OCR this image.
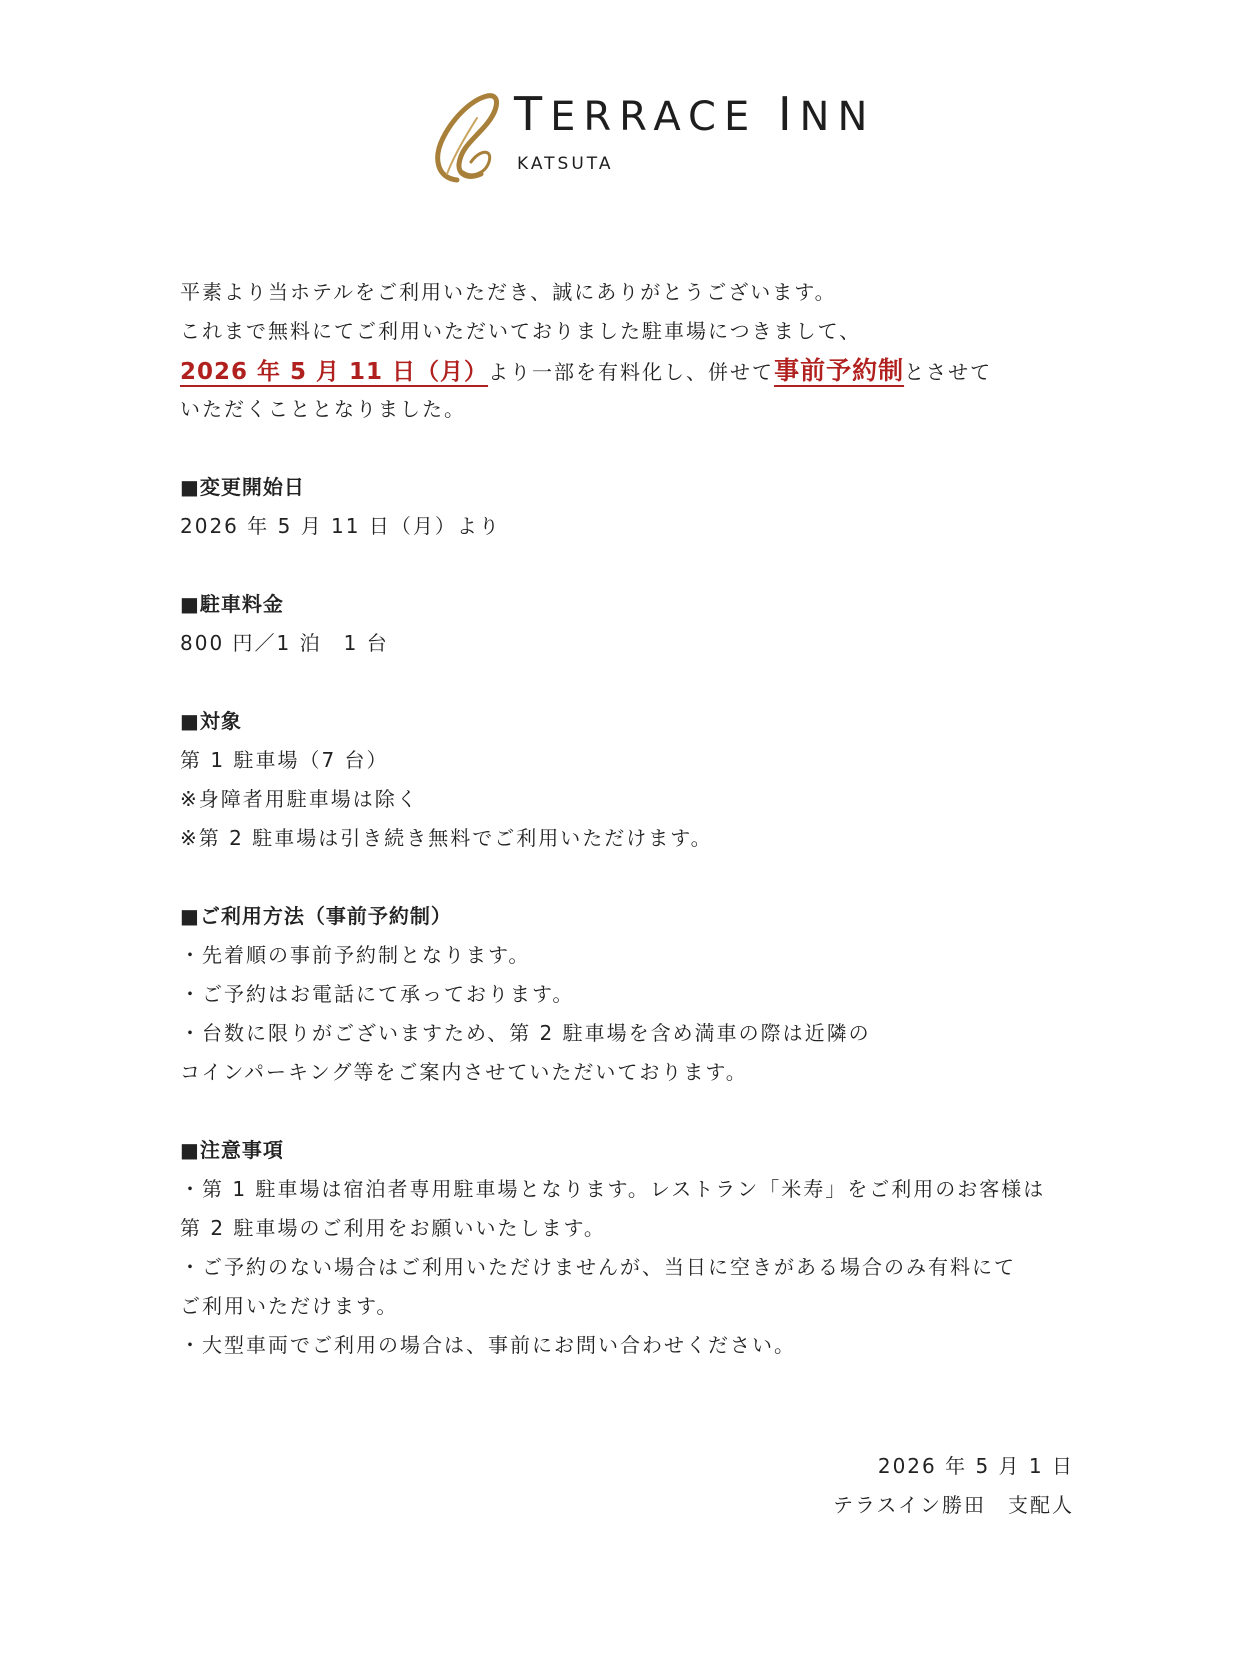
TERRACE INN
KATSUTA
平素より当ホテルをご利用いただき、誠にありがとうございます。
これまで無料にてご利用いただいておりました駐車場につきまして、
2026 年 5 月 11 日（月）より一部を有料化し、併せて事前予約制とさせて
いただくこととなりました。
■変更開始日
2026 年 5 月 11 日（月）より
■駐車料金
800 円／1 泊　1 台
■対象
第 1 駐車場（7 台）
※身障者用駐車場は除く
※第 2 駐車場は引き続き無料でご利用いただけます。
■ご利用方法（事前予約制）
・先着順の事前予約制となります。
・ご予約はお電話にて承っております。
・台数に限りがございますため、第 2 駐車場を含め満車の際は近隣の
コインパーキング等をご案内させていただいております。
■注意事項
・第 1 駐車場は宿泊者専用駐車場となります。レストラン「米寿」をご利用のお客様は
第 2 駐車場のご利用をお願いいたします。
・ご予約のない場合はご利用いただけませんが、当日に空きがある場合のみ有料にて
ご利用いただけます。
・大型車両でご利用の場合は、事前にお問い合わせください。
2026 年 5 月 1 日
テラスイン勝田　支配人
